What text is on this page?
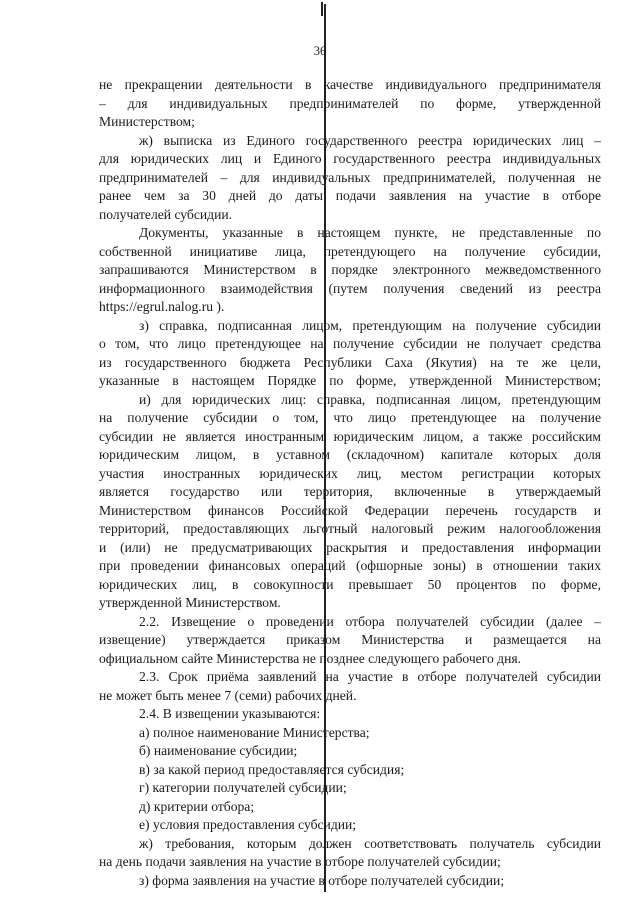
36
не прекращении деятельности в качестве индивидуального предпринимателя
– для индивидуальных предпринимателей по форме, утвержденной
Министерством;
ж) выписка из Единого государственного реестра юридических лиц –
для юридических лиц и Единого государственного реестра индивидуальных
предпринимателей – для индивидуальных предпринимателей, полученная не
ранее чем за 30 дней до даты подачи заявления на участие в отборе
получателей субсидии.
Документы, указанные в настоящем пункте, не представленные по
собственной инициативе лица, претендующего на получение субсидии,
запрашиваются Министерством в порядке электронного межведомственного
информационного взаимодействия (путем получения сведений из реестра
https://egrul.nalog.ru ).
з) справка, подписанная лицом, претендующим на получение субсидии
о том, что лицо претендующее на получение субсидии не получает средства
из государственного бюджета Республики Саха (Якутия) на те же цели,
указанные в настоящем Порядке по форме, утвержденной Министерством;
и) для юридических лиц: справка, подписанная лицом, претендующим
на получение субсидии о том, что лицо претендующее на получение
субсидии не является иностранным юридическим лицом, а также российским
юридическим лицом, в уставном (складочном) капитале которых доля
участия иностранных юридических лиц, местом регистрации которых
является государство или территория, включенные в утверждаемый
Министерством финансов Российской Федерации перечень государств и
территорий, предоставляющих льготный налоговый режим налогообложения
и (или) не предусматривающих раскрытия и предоставления информации
при проведении финансовых операций (офшорные зоны) в отношении таких
юридических лиц, в совокупности превышает 50 процентов по форме,
утвержденной Министерством.
2.2. Извещение о проведении отбора получателей субсидии (далее –
извещение) утверждается приказом Министерства и размещается на
официальном сайте Министерства не позднее следующего рабочего дня.
2.3. Срок приёма заявлений на участие в отборе получателей субсидии
не может быть менее 7 (семи) рабочих дней.
2.4. В извещении указываются:
а) полное наименование Министерства;
б) наименование субсидии;
в) за какой период предоставляется субсидия;
г) категории получателей субсидии;
д) критерии отбора;
е) условия предоставления субсидии;
ж) требования, которым должен соответствовать получатель субсидии
на день подачи заявления на участие в отборе получателей субсидии;
з) форма заявления на участие в отборе получателей субсидии;
